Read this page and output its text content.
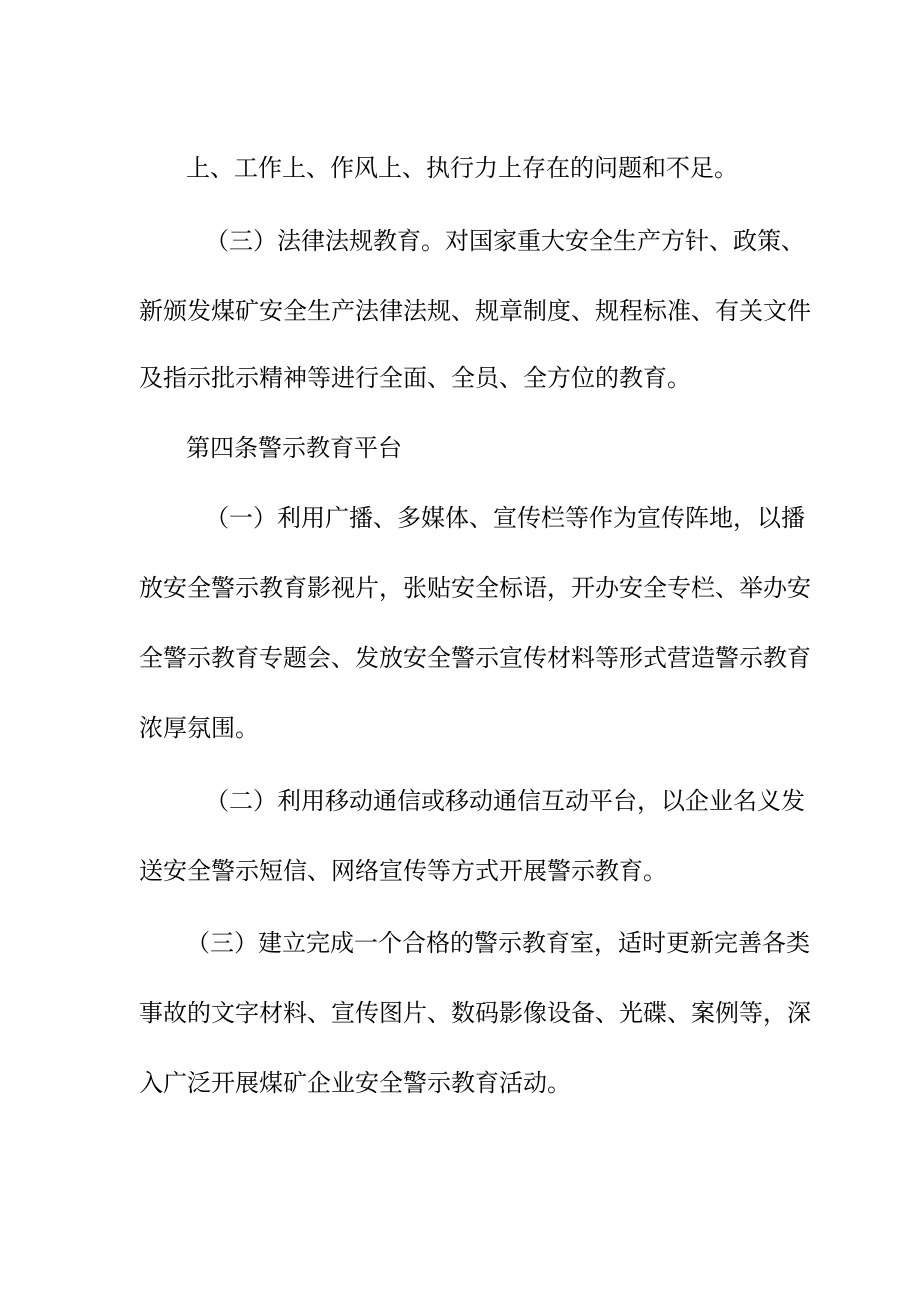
上、工作上、作风上、执行力上存在的问题和不足。
（三）法律法规教育。对国家重大安全生产方针、政策、
新颁发煤矿安全生产法律法规、规章制度、规程标准、有关文件
及指示批示精神等进行全面、全员、全方位的教育。
第四条警示教育平台
（一）利用广播、多媒体、宣传栏等作为宣传阵地，以播
放安全警示教育影视片，张贴安全标语，开办安全专栏、举办安
全警示教育专题会、发放安全警示宣传材料等形式营造警示教育
浓厚氛围。
（二）利用移动通信或移动通信互动平台，以企业名义发
送安全警示短信、网络宣传等方式开展警示教育。
（三）建立完成一个合格的警示教育室，适时更新完善各类
事故的文字材料、宣传图片、数码影像设备、光碟、案例等，深
入广泛开展煤矿企业安全警示教育活动。
